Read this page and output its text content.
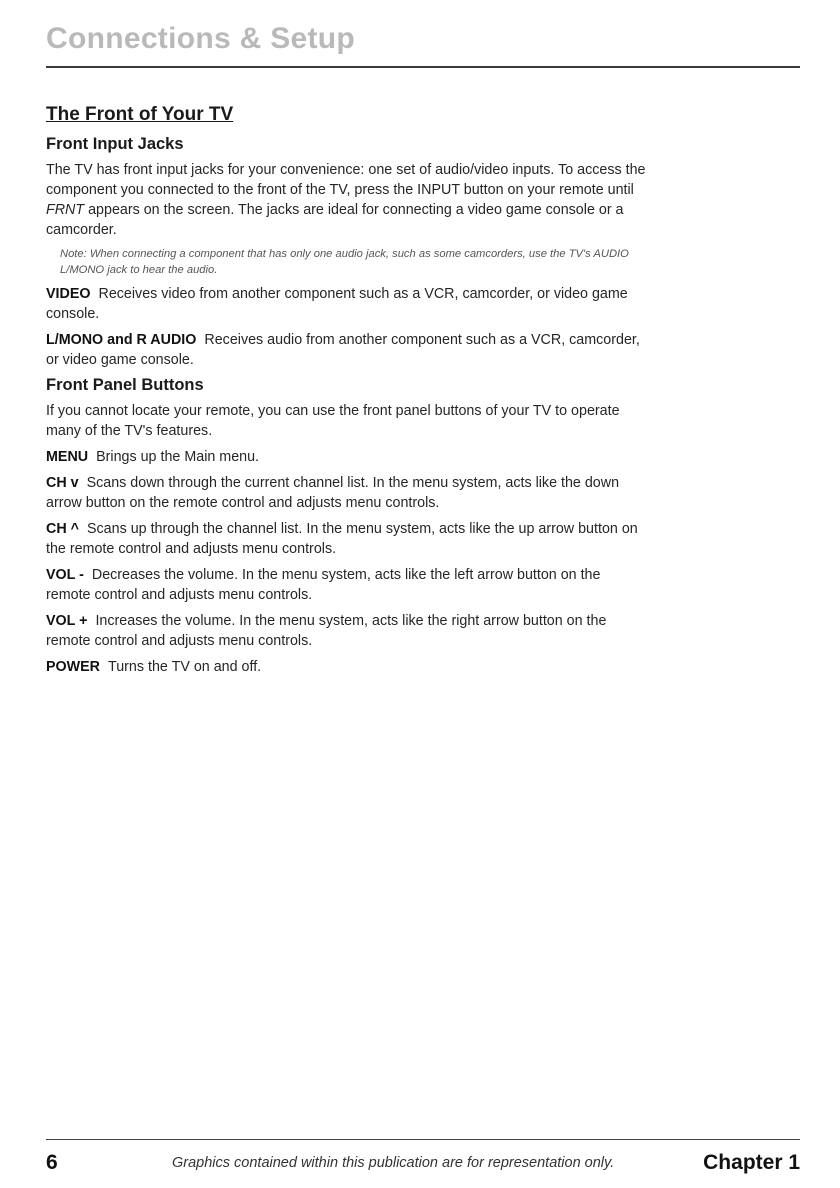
Connections & Setup
The Front of Your TV
Front Input Jacks

The TV has front input jacks for your convenience: one set of audio/video inputs. To access the component you connected to the front of the TV, press the INPUT button on your remote until FRNT appears on the screen. The jacks are ideal for connecting a video game console or a camcorder.

Note: When connecting a component that has only one audio jack, such as some camcorders, use the TV's AUDIO L/MONO jack to hear the audio.

VIDEO Receives video from another component such as a VCR, camcorder, or video game console.

L/MONO and R AUDIO Receives audio from another component such as a VCR, camcorder, or video game console.

Front Panel Buttons

If you cannot locate your remote, you can use the front panel buttons of your TV to operate many of the TV's features.

MENU Brings up the Main menu.

CH v Scans down through the current channel list. In the menu system, acts like the down arrow button on the remote control and adjusts menu controls.

CH ^ Scans up through the channel list. In the menu system, acts like the up arrow button on the remote control and adjusts menu controls.

VOL - Decreases the volume. In the menu system, acts like the left arrow button on the remote control and adjusts menu controls.

VOL + Increases the volume. In the menu system, acts like the right arrow button on the remote control and adjusts menu controls.

POWER Turns the TV on and off.

6	Graphics contained within this publication are for representation only.	Chapter 1
